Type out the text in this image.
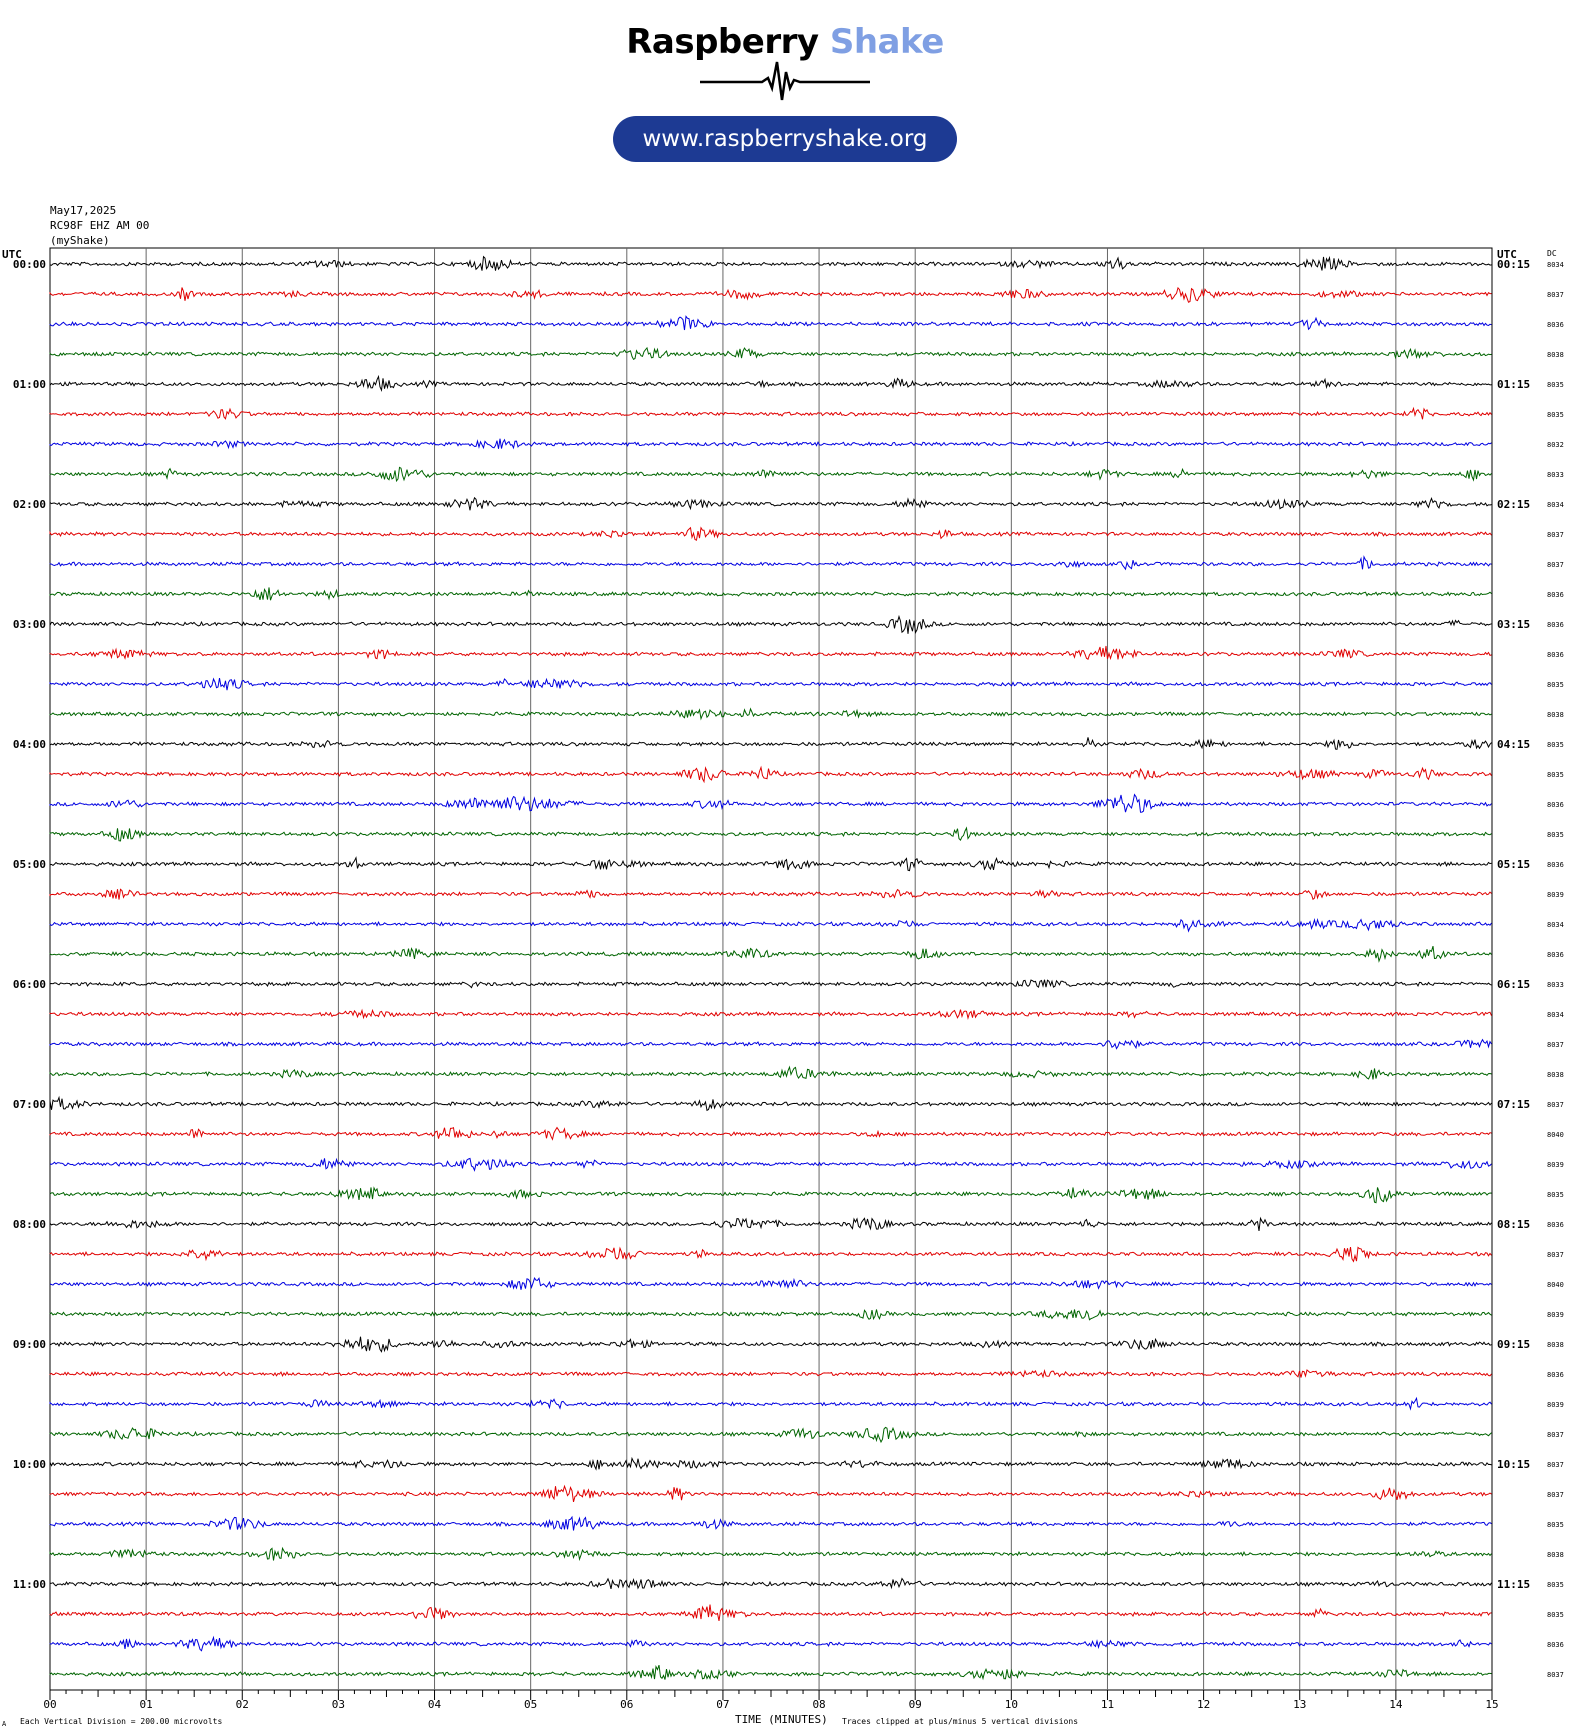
Raspberry Shake
www.raspberryshake.org
May17,2025
RC98F EHZ AM 00
(myShake)
00	01	02	03	04	05	06	07	08	09	10	11	12	13	14	15
UTC	UTC	DC
00:00	00:15 8034
8037
8036
8038
01:00	01:15 8035
8035
8032
8033
02:00	02:15 8034
8037
8037
8036
03:00	03:15 8036
8036
8035
8038
04:00	04:15 8035
8035
8036
8035
05:00	05:15 8036
8039
8034
8036
06:00	06:15 8033
8034
8037
8038
07:00	07:15 8037
8040
8039
8035
08:00	08:15 8036
8037
8040
8039
09:00	09:15 8038
8036
8039
8037
10:00	10:15 8037
8037
8035
8038
11:00	11:15 8035
8035
8036
8037
A Each Vertical Division = 200.00 microvolts	TIME (MINUTES) Traces clipped at plus/minus 5 vertical divisions
